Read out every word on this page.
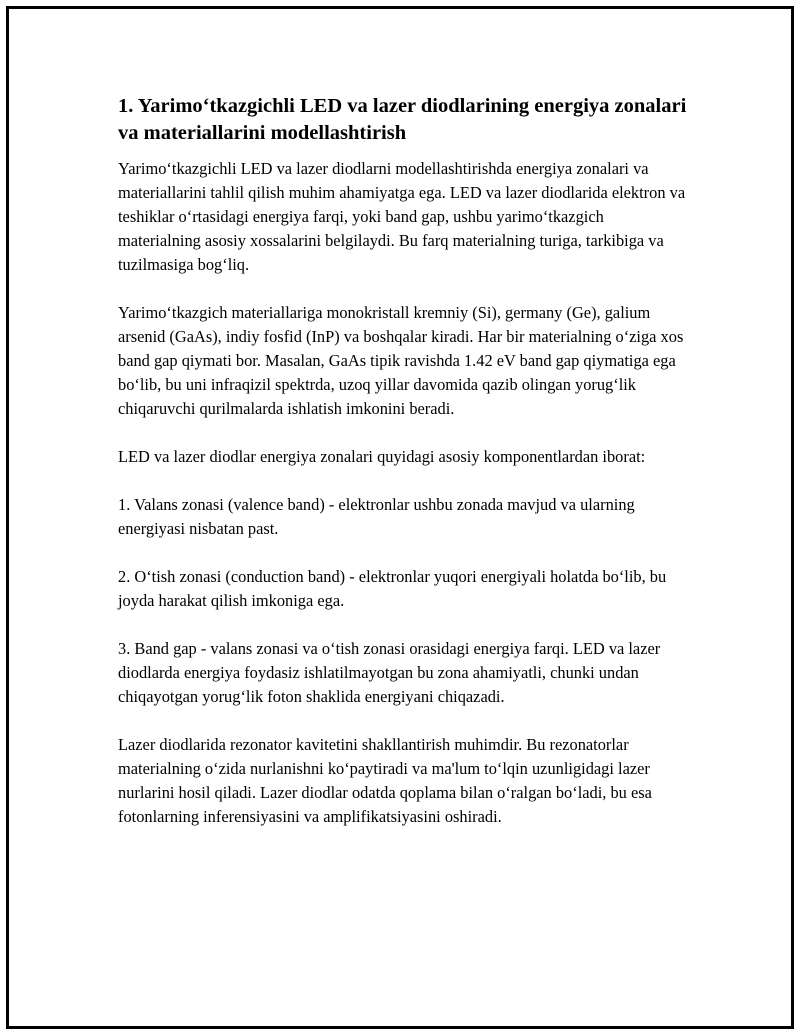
1. Yarimo‘tkazgichli LED va lazer diodlarining energiya zonalari va materiallarini modellashtirish

Yarimo‘tkazgichli LED va lazer diodlarni modellashtirishda energiya zonalari va materiallarini tahlil qilish muhim ahamiyatga ega. LED va lazer diodlarida elektron va teshiklar o‘rtasidagi energiya farqi, yoki band gap, ushbu yarimo‘tkazgich materialning asosiy xossalarini belgilaydi. Bu farq materialning turiga, tarkibiga va tuzilmasiga bog‘liq.

Yarimo‘tkazgich materiallariga monokristall kremniy (Si), germany (Ge), galium arsenid (GaAs), indiy fosfid (InP) va boshqalar kiradi. Har bir materialning o‘ziga xos band gap qiymati bor. Masalan, GaAs tipik ravishda 1.42 eV band gap qiymatiga ega bo‘lib, bu uni infraqizil spektrda, uzoq yillar davomida qazib olingan yorug‘lik chiqaruvchi qurilmalarda ishlatish imkonini beradi.

LED va lazer diodlar energiya zonalari quyidagi asosiy komponentlardan iborat:

1. Valans zonasi (valence band) - elektronlar ushbu zonada mavjud va ularning energiyasi nisbatan past.

2. O‘tish zonasi (conduction band) - elektronlar yuqori energiyali holatda bo‘lib, bu joyda harakat qilish imkoniga ega.

3. Band gap - valans zonasi va o‘tish zonasi orasidagi energiya farqi. LED va lazer diodlarda energiya foydasiz ishlatilmayotgan bu zona ahamiyatli, chunki undan chiqayotgan yorug‘lik foton shaklida energiyani chiqazadi.

Lazer diodlarida rezonator kavitetini shakllantirish muhimdir. Bu rezonatorlar materialning o‘zida nurlanishni ko‘paytiradi va ma'lum to‘lqin uzunligidagi lazer nurlarini hosil qiladi. Lazer diodlar odatda qoplama bilan o‘ralgan bo‘ladi, bu esa fotonlarning inferensiyasini va amplifikatsiyasini oshiradi.
